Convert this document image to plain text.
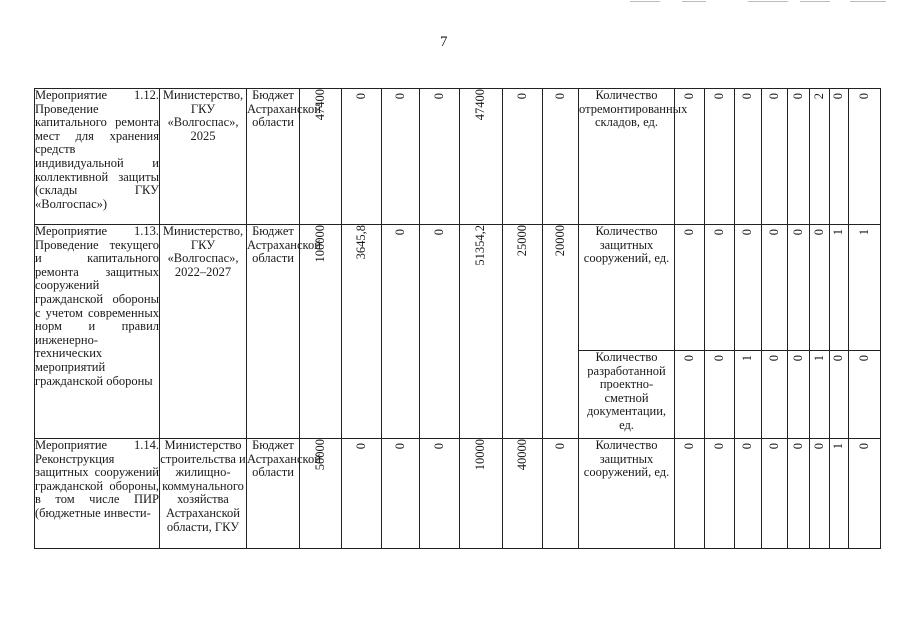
7
Мероприятие 1.12. Проведение капитального ремонта мест для хранения средств индивидуальной и коллективной защиты (склады ГКУ «Волгоспас»)	Министерство, ГКУ «Волгоспас», 2025	Бюджет Астраханской области	47400	0	0	0	47400	0	0	Количество отремонтированных складов, ед.	0	0	0	0	0	2	0	0
Мероприятие 1.13. Проведение текущего и капитального ремонта защитных сооружений гражданской обороны с учетом современных норм и правил инженерно-технических мероприятий гражданской обороны	Министерство, ГКУ «Волгоспас», 2022–2027	Бюджет Астраханской области	100000	3645,8	0	0	51354,2	25000	20000	Количество защитных сооружений, ед.	0	0	0	0	0	0	1	1
										Количество разработанной проектно-сметной документации, ед.	0	0	1	0	0	1	0	0
Мероприятие 1.14. Реконструкция защитных сооружений гражданской обороны, в том числе ПИР (бюджетные инвести-	Министерство строительства и жилищно-коммунального хозяйства Астраханской области, ГКУ	Бюджет Астраханской области	50000	0	0	0	10000	40000	0	Количество защитных сооружений, ед.	0	0	0	0	0	0	1	0
